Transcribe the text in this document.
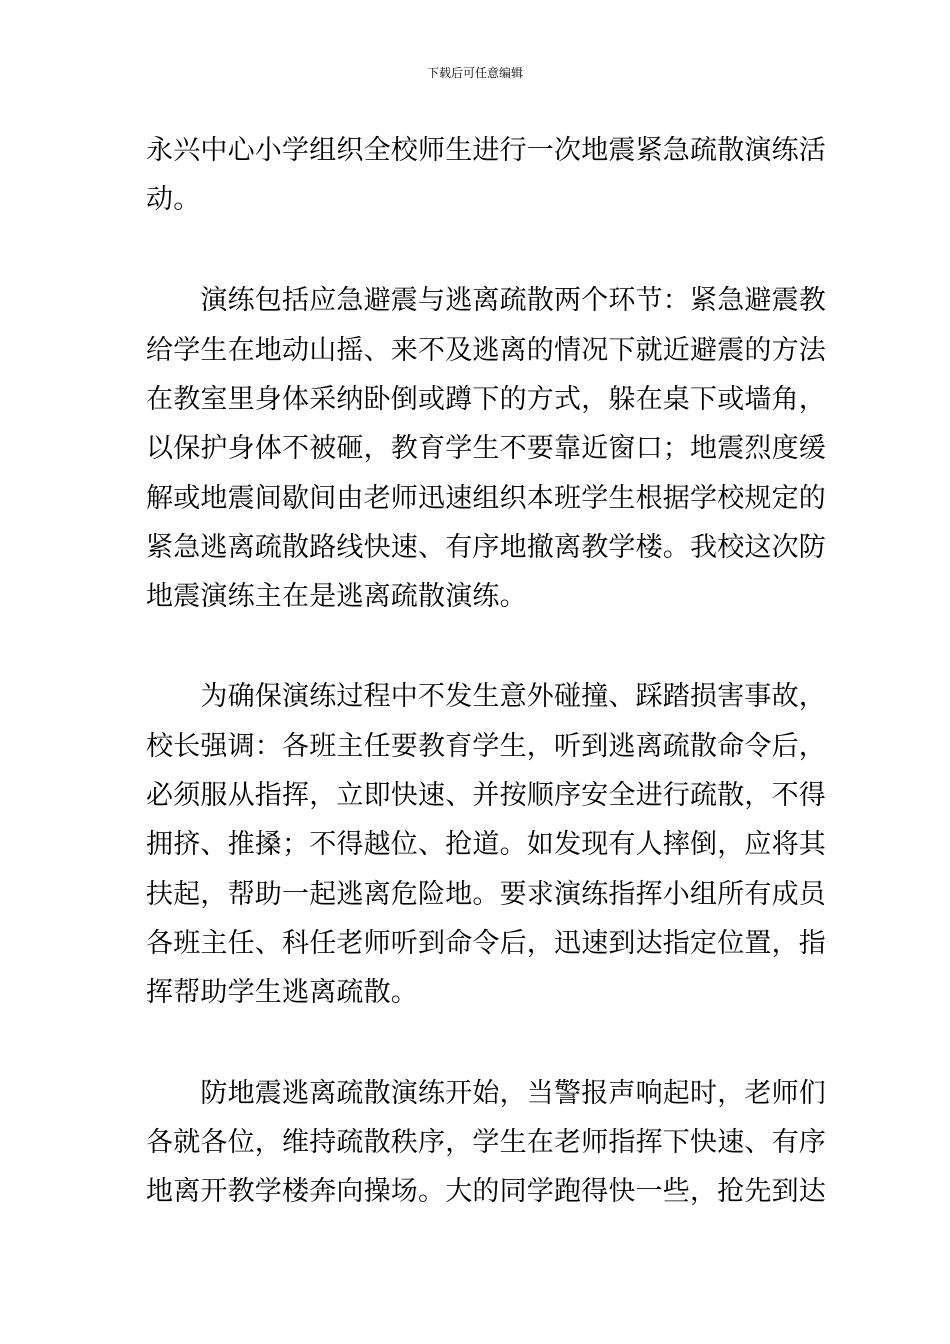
下载后可任意编辑
永兴中心小学组织全校师生进行一次地震紧急疏散演练活
动。
　　演练包括应急避震与逃离疏散两个环节：紧急避震教
给学生在地动山摇、来不及逃离的情况下就近避震的方法
在教室里身体采纳卧倒或蹲下的方式，躲在桌下或墙角，
以保护身体不被砸，教育学生不要靠近窗口；地震烈度缓
解或地震间歇间由老师迅速组织本班学生根据学校规定的
紧急逃离疏散路线快速、有序地撤离教学楼。我校这次防
地震演练主在是逃离疏散演练。
　　为确保演练过程中不发生意外碰撞、踩踏损害事故，
校长强调：各班主任要教育学生，听到逃离疏散命令后，
必须服从指挥，立即快速、并按顺序安全进行疏散，不得
拥挤、推搡；不得越位、抢道。如发现有人摔倒，应将其
扶起，帮助一起逃离危险地。要求演练指挥小组所有成员
各班主任、科任老师听到命令后，迅速到达指定位置，指
挥帮助学生逃离疏散。
　　防地震逃离疏散演练开始，当警报声响起时，老师们
各就各位，维持疏散秩序，学生在老师指挥下快速、有序
地离开教学楼奔向操场。大的同学跑得快一些，抢先到达
